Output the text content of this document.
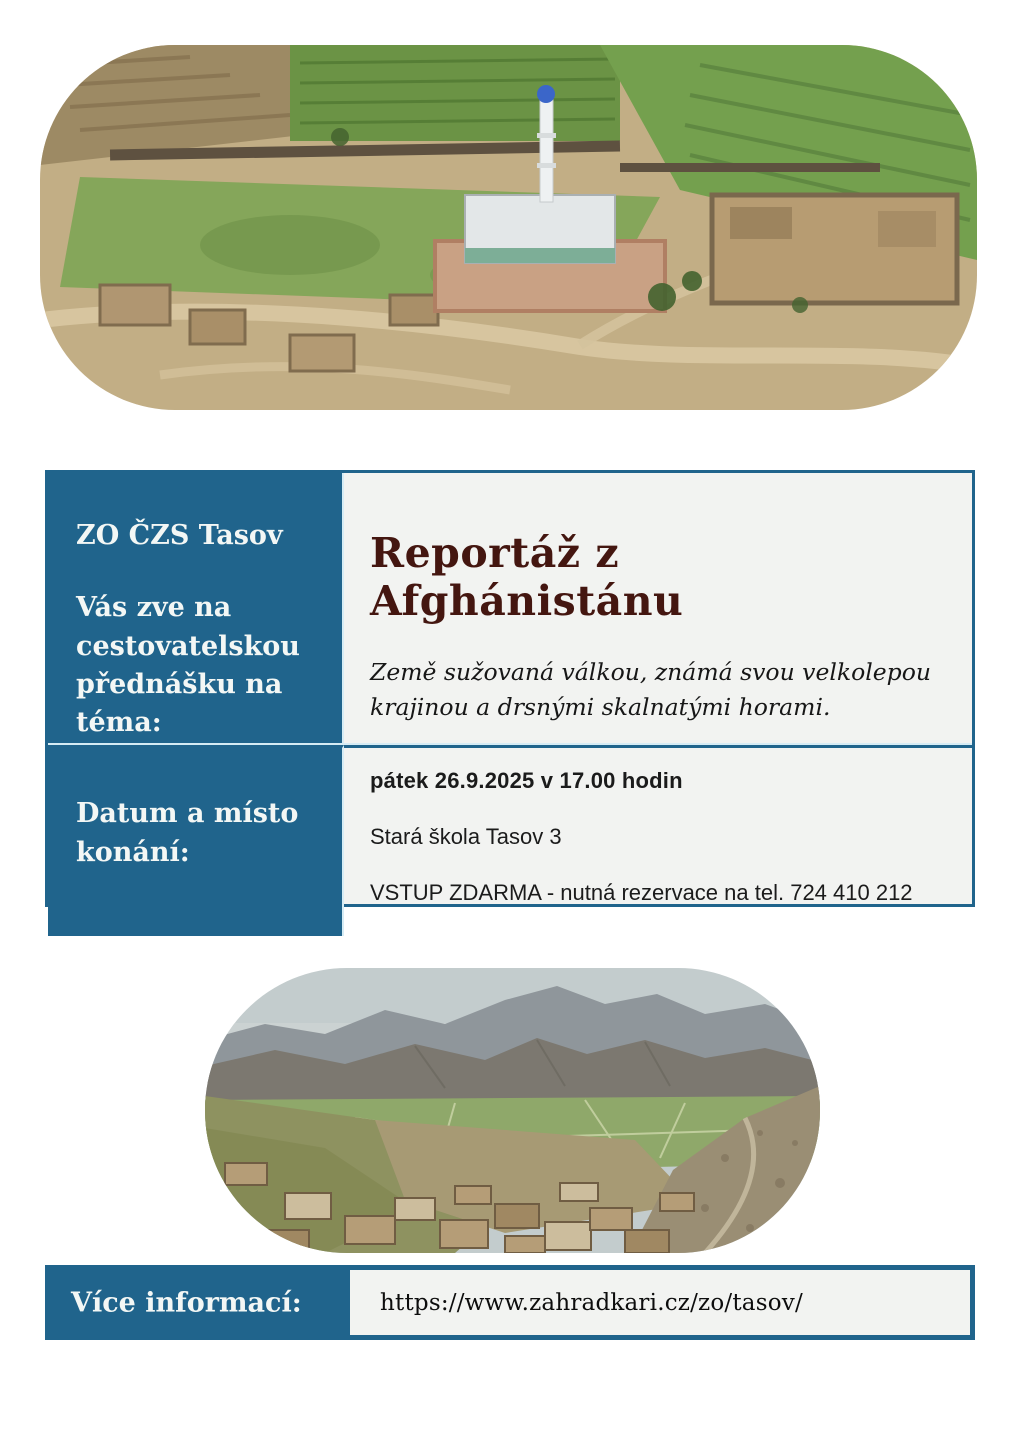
ZO ČZS Tasov

Vás zve na cestovatelskou přednášku na téma:

Reportáž z Afghánistánu

Země sužovaná válkou, známá svou velkolepou krajinou a drsnými skalnatými horami.

Datum a místo konání:

pátek 26.9.2025 v 17.00 hodin

Stará škola Tasov 3

VSTUP ZDARMA - nutná rezervace na tel. 724 410 212

Více informací:	https://www.zahradkari.cz/zo/tasov/
